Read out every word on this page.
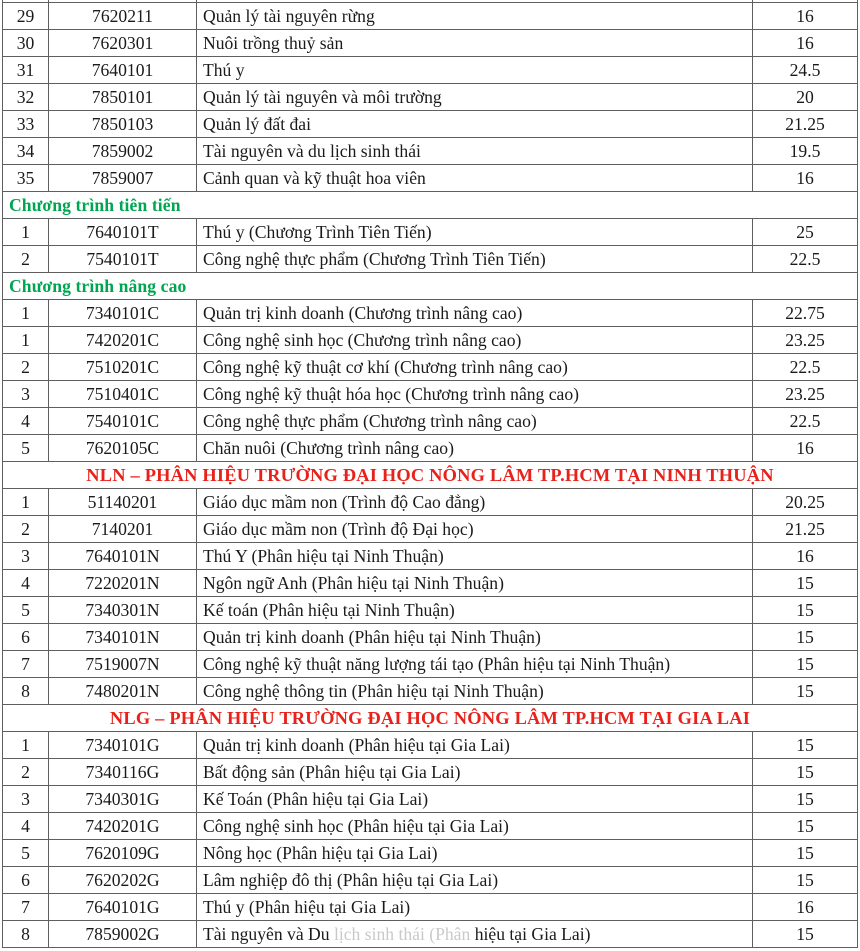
29	7620211	Quản lý tài nguyên rừng	16
30	7620301	Nuôi trồng thuỷ sản	16
31	7640101	Thú y	24.5
32	7850101	Quản lý tài nguyên và môi trường	20
33	7850103	Quản lý đất đai	21.25
34	7859002	Tài nguyên và du lịch sinh thái	19.5
35	7859007	Cảnh quan và kỹ thuật hoa viên	16
Chương trình tiên tiến			
1	7640101T	Thú y (Chương Trình Tiên Tiến)	25
2	7540101T	Công nghệ thực phẩm (Chương Trình Tiên Tiến)	22.5
Chương trình nâng cao			
1	7340101C	Quản trị kinh doanh (Chương trình nâng cao)	22.75
1	7420201C	Công nghệ sinh học (Chương trình nâng cao)	23.25
2	7510201C	Công nghệ kỹ thuật cơ khí (Chương trình nâng cao)	22.5
3	7510401C	Công nghệ kỹ thuật hóa học (Chương trình nâng cao)	23.25
4	7540101C	Công nghệ thực phẩm (Chương trình nâng cao)	22.5
5	7620105C	Chăn nuôi (Chương trình nâng cao)	16
NLN – PHÂN HIỆU TRƯỜNG ĐẠI HỌC NÔNG LÂM TP.HCM TẠI NINH THUẬN			
1	51140201	Giáo dục mầm non (Trình độ Cao đẳng)	20.25
2	7140201	Giáo dục mầm non (Trình độ Đại học)	21.25
3	7640101N	Thú Y (Phân hiệu tại Ninh Thuận)	16
4	7220201N	Ngôn ngữ Anh (Phân hiệu tại Ninh Thuận)	15
5	7340301N	Kế toán (Phân hiệu tại Ninh Thuận)	15
6	7340101N	Quản trị kinh doanh (Phân hiệu tại Ninh Thuận)	15
7	7519007N	Công nghệ kỹ thuật năng lượng tái tạo (Phân hiệu tại Ninh Thuận)	15
8	7480201N	Công nghệ thông tin (Phân hiệu tại Ninh Thuận)	15
NLG – PHÂN HIỆU TRƯỜNG ĐẠI HỌC NÔNG LÂM TP.HCM TẠI GIA LAI			
1	7340101G	Quản trị kinh doanh (Phân hiệu tại Gia Lai)	15
2	7340116G	Bất động sản (Phân hiệu tại Gia Lai)	15
3	7340301G	Kế Toán (Phân hiệu tại Gia Lai)	15
4	7420201G	Công nghệ sinh học (Phân hiệu tại Gia Lai)	15
5	7620109G	Nông học (Phân hiệu tại Gia Lai)	15
6	7620202G	Lâm nghiệp đô thị (Phân hiệu tại Gia Lai)	15
7	7640101G	Thú y (Phân hiệu tại Gia Lai)	16
8	7859002G	Tài nguyên và Du lịch sinh thái (Phân hiệu tại Gia Lai)	15
